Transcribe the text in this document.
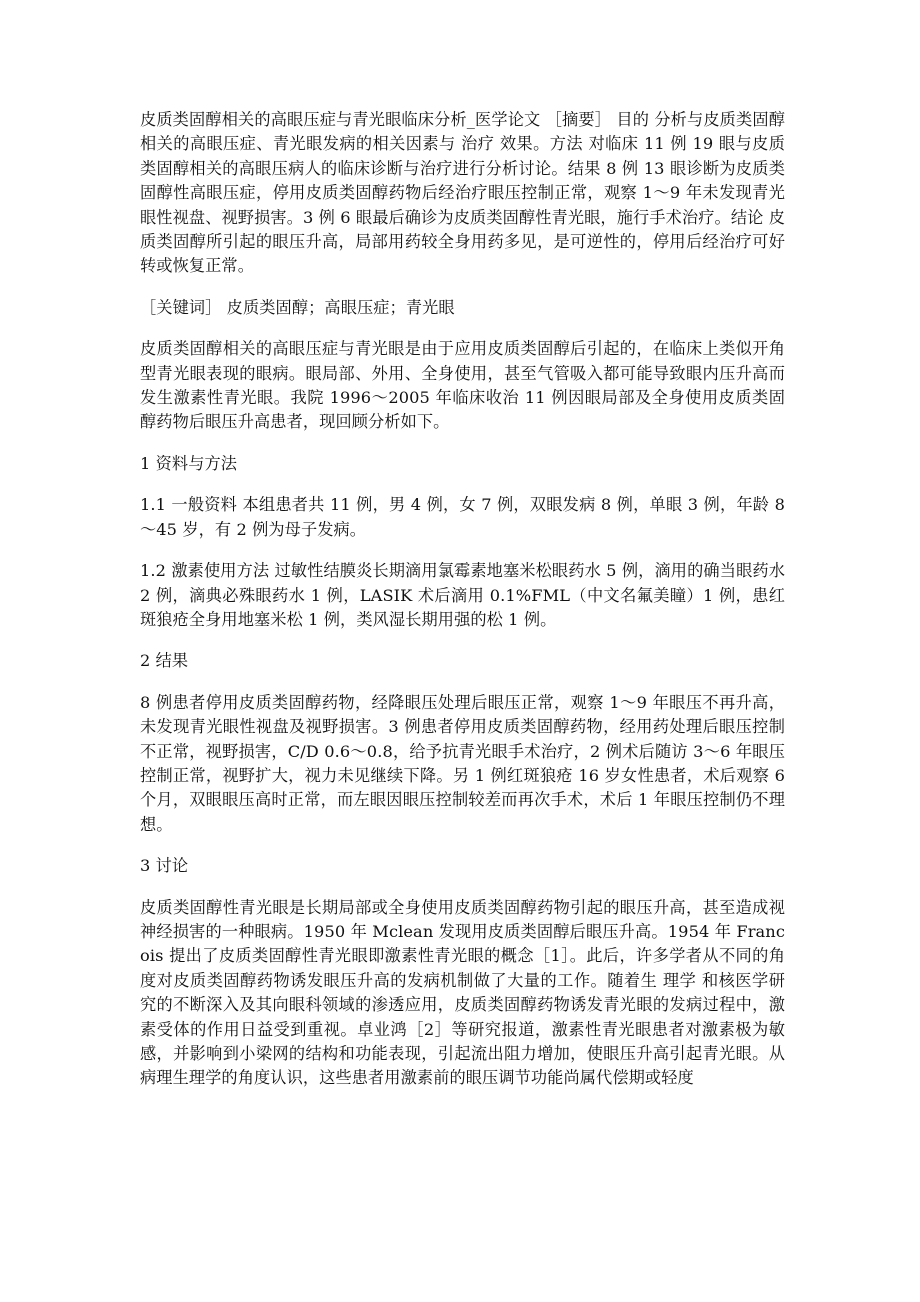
皮质类固醇相关的高眼压症与青光眼临床分析_医学论文 ［摘要］ 目的 分析与皮质类固醇相关的高眼压症、青光眼发病的相关因素与 治疗 效果。方法 对临床 11 例 19 眼与皮质类固醇相关的高眼压病人的临床诊断与治疗进行分析讨论。结果 8 例 13 眼诊断为皮质类固醇性高眼压症，停用皮质类固醇药物后经治疗眼压控制正常，观察 1～9 年未发现青光眼性视盘、视野损害。3 例 6 眼最后确诊为皮质类固醇性青光眼，施行手术治疗。结论 皮质类固醇所引起的眼压升高，局部用药较全身用药多见，是可逆性的，停用后经治疗可好转或恢复正常。

［关键词］ 皮质类固醇；高眼压症；青光眼

皮质类固醇相关的高眼压症与青光眼是由于应用皮质类固醇后引起的，在临床上类似开角型青光眼表现的眼病。眼局部、外用、全身使用，甚至气管吸入都可能导致眼内压升高而发生激素性青光眼。我院 1996～2005 年临床收治 11 例因眼局部及全身使用皮质类固醇药物后眼压升高患者，现回顾分析如下。

1 资料与方法

1.1 一般资料 本组患者共 11 例，男 4 例，女 7 例，双眼发病 8 例，单眼 3 例，年龄 8～45 岁，有 2 例为母子发病。

1.2 激素使用方法 过敏性结膜炎长期滴用氯霉素地塞米松眼药水 5 例，滴用的确当眼药水 2 例，滴典必殊眼药水 1 例，LASIK 术后滴用 0.1%FML（中文名氟美瞳）1 例，患红斑狼疮全身用地塞米松 1 例，类风湿长期用强的松 1 例。

2 结果

8 例患者停用皮质类固醇药物，经降眼压处理后眼压正常，观察 1～9 年眼压不再升高，未发现青光眼性视盘及视野损害。3 例患者停用皮质类固醇药物，经用药处理后眼压控制不正常，视野损害，C/D 0.6～0.8，给予抗青光眼手术治疗，2 例术后随访 3～6 年眼压控制正常，视野扩大，视力未见继续下降。另 1 例红斑狼疮 16 岁女性患者，术后观察 6 个月，双眼眼压高时正常，而左眼因眼压控制较差而再次手术，术后 1 年眼压控制仍不理想。

3 讨论

皮质类固醇性青光眼是长期局部或全身使用皮质类固醇药物引起的眼压升高，甚至造成视神经损害的一种眼病。1950 年 Mclean 发现用皮质类固醇后眼压升高。1954 年 Francois 提出了皮质类固醇性青光眼即激素性青光眼的概念［1］。此后，许多学者从不同的角度对皮质类固醇药物诱发眼压升高的发病机制做了大量的工作。随着生 理学 和核医学研究的不断深入及其向眼科领域的渗透应用，皮质类固醇药物诱发青光眼的发病过程中，激素受体的作用日益受到重视。卓业鸿［2］等研究报道，激素性青光眼患者对激素极为敏感，并影响到小梁网的结构和功能表现，引起流出阻力增加，使眼压升高引起青光眼。从病理生理学的角度认识，这些患者用激素前的眼压调节功能尚属代偿期或轻度
